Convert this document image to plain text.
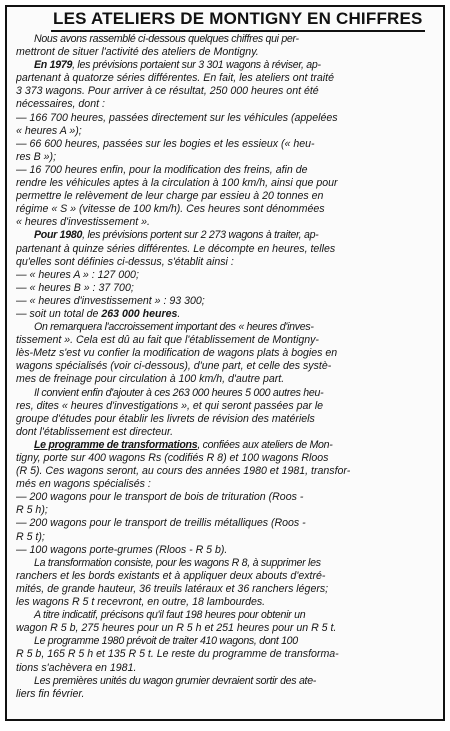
LES ATELIERS DE MONTIGNY EN CHIFFRES
Nous avons rassemblé ci-dessous quelques chiffres qui per-
mettront de situer l'activité des ateliers de Montigny.
En 1979, les prévisions portaient sur 3 301 wagons à réviser, ap-
partenant à quatorze séries différentes. En fait, les ateliers ont traité
3 373 wagons. Pour arriver à ce résultat, 250 000 heures ont été
nécessaires, dont :
— 166 700 heures, passées directement sur les véhicules (appelées
« heures A »);
— 66 600 heures, passées sur les bogies et les essieux (« heu-
res B »);
— 16 700 heures enfin, pour la modification des freins, afin de
rendre les véhicules aptes à la circulation à 100 km/h, ainsi que pour
permettre le relèvement de leur charge par essieu à 20 tonnes en
régime « S » (vitesse de 100 km/h). Ces heures sont dénommées
« heures d'investissement ».
Pour 1980, les prévisions portent sur 2 273 wagons à traiter, ap-
partenant à quinze séries différentes. Le décompte en heures, telles
qu'elles sont définies ci-dessus, s'établit ainsi :
— « heures A » : 127 000;
— « heures B » : 37 700;
— « heures d'investissement » : 93 300;
— soit un total de 263 000 heures.
On remarquera l'accroissement important des « heures d'inves-
tissement ». Cela est dû au fait que l'établissement de Montigny-
lès-Metz s'est vu confier la modification de wagons plats à bogies en
wagons spécialisés (voir ci-dessous), d'une part, et celle des systè-
mes de freinage pour circulation à 100 km/h, d'autre part.
Il convient enfin d'ajouter à ces 263 000 heures 5 000 autres heu-
res, dites « heures d'investigations », et qui seront passées par le
groupe d'études pour établir les livrets de révision des matériels
dont l'établissement est directeur.
Le programme de transformations, confiées aux ateliers de Mon-
tigny, porte sur 400 wagons Rs (codifiés R 8) et 100 wagons Rloos
(R 5). Ces wagons seront, au cours des années 1980 et 1981, transfor-
més en wagons spécialisés :
— 200 wagons pour le transport de bois de trituration (Roos -
R 5 h);
— 200 wagons pour le transport de treillis métalliques (Roos -
R 5 t);
— 100 wagons porte-grumes (Rloos - R 5 b).
La transformation consiste, pour les wagons R 8, à supprimer les
ranchers et les bords existants et à appliquer deux abouts d'extré-
mités, de grande hauteur, 36 treuils latéraux et 36 ranchers légers;
les wagons R 5 t recevront, en outre, 18 lambourdes.
A titre indicatif, précisons qu'il faut 198 heures pour obtenir un
wagon R 5 b, 275 heures pour un R 5 h et 251 heures pour un R 5 t.
Le programme 1980 prévoit de traiter 410 wagons, dont 100
R 5 b, 165 R 5 h et 135 R 5 t. Le reste du programme de transforma-
tions s'achèvera en 1981.
Les premières unités du wagon grumier devraient sortir des ate-
liers fin février.
